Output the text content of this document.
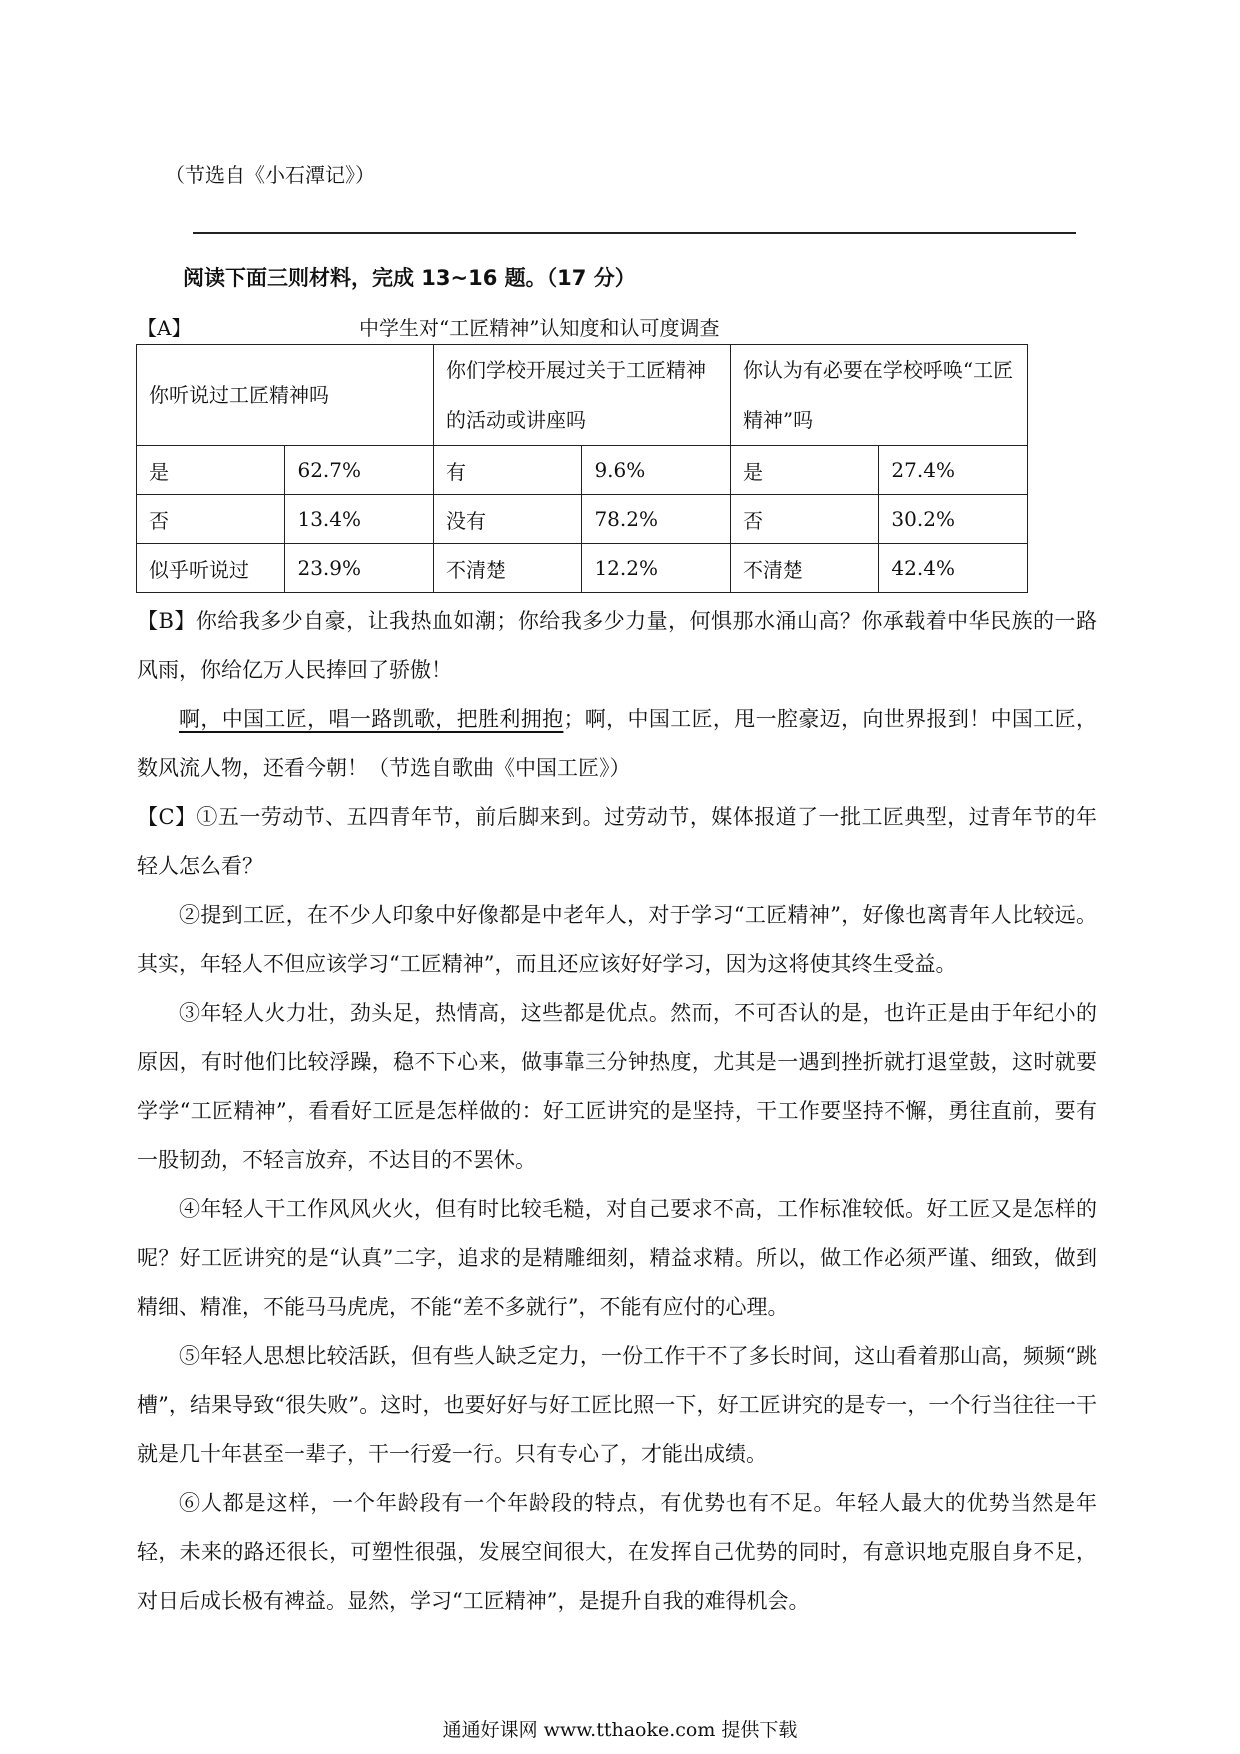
（节选自《小石潭记》）
阅读下面三则材料，完成 13~16 题。（17 分）
【A】	中学生对“工匠精神”认知度和认可度调查
你听说过工匠精神吗		你们学校开展过关于工匠精神的活动或讲座吗		你认为有必要在学校呼唤“工匠精神”吗	
是	62.7%	有	9.6%	是	27.4%
否	13.4%	没有	78.2%	否	30.2%
似乎听说过	23.9%	不清楚	12.2%	不清楚	42.4%

【B】你给我多少自豪，让我热血如潮；你给我多少力量，何惧那水涌山高？你承载着中华民族的一路风雨，你给亿万人民捧回了骄傲！

啊，中国工匠，唱一路凯歌，把胜利拥抱；啊，中国工匠，甩一腔豪迈，向世界报到！中国工匠，数风流人物，还看今朝！（节选自歌曲《中国工匠》）

【C】①五一劳动节、五四青年节，前后脚来到。过劳动节，媒体报道了一批工匠典型，过青年节的年轻人怎么看？

②提到工匠，在不少人印象中好像都是中老年人，对于学习“工匠精神”，好像也离青年人比较远。其实，年轻人不但应该学习“工匠精神”，而且还应该好好学习，因为这将使其终生受益。

③年轻人火力壮，劲头足，热情高，这些都是优点。然而，不可否认的是，也许正是由于年纪小的原因，有时他们比较浮躁，稳不下心来，做事靠三分钟热度，尤其是一遇到挫折就打退堂鼓，这时就要学学“工匠精神”，看看好工匠是怎样做的：好工匠讲究的是坚持，干工作要坚持不懈，勇往直前，要有一股韧劲，不轻言放弃，不达目的不罢休。

④年轻人干工作风风火火，但有时比较毛糙，对自己要求不高，工作标准较低。好工匠又是怎样的呢？好工匠讲究的是“认真”二字，追求的是精雕细刻，精益求精。所以，做工作必须严谨、细致，做到精细、精准，不能马马虎虎，不能“差不多就行”，不能有应付的心理。

⑤年轻人思想比较活跃，但有些人缺乏定力，一份工作干不了多长时间，这山看着那山高，频频“跳槽”，结果导致“很失败”。这时，也要好好与好工匠比照一下，好工匠讲究的是专一，一个行当往往一干就是几十年甚至一辈子，干一行爱一行。只有专心了，才能出成绩。

⑥人都是这样，一个年龄段有一个年龄段的特点，有优势也有不足。年轻人最大的优势当然是年轻，未来的路还很长，可塑性很强，发展空间很大，在发挥自己优势的同时，有意识地克服自身不足，对日后成长极有裨益。显然，学习“工匠精神”，是提升自我的难得机会。

通通好课网 www.tthaoke.com 提供下载
